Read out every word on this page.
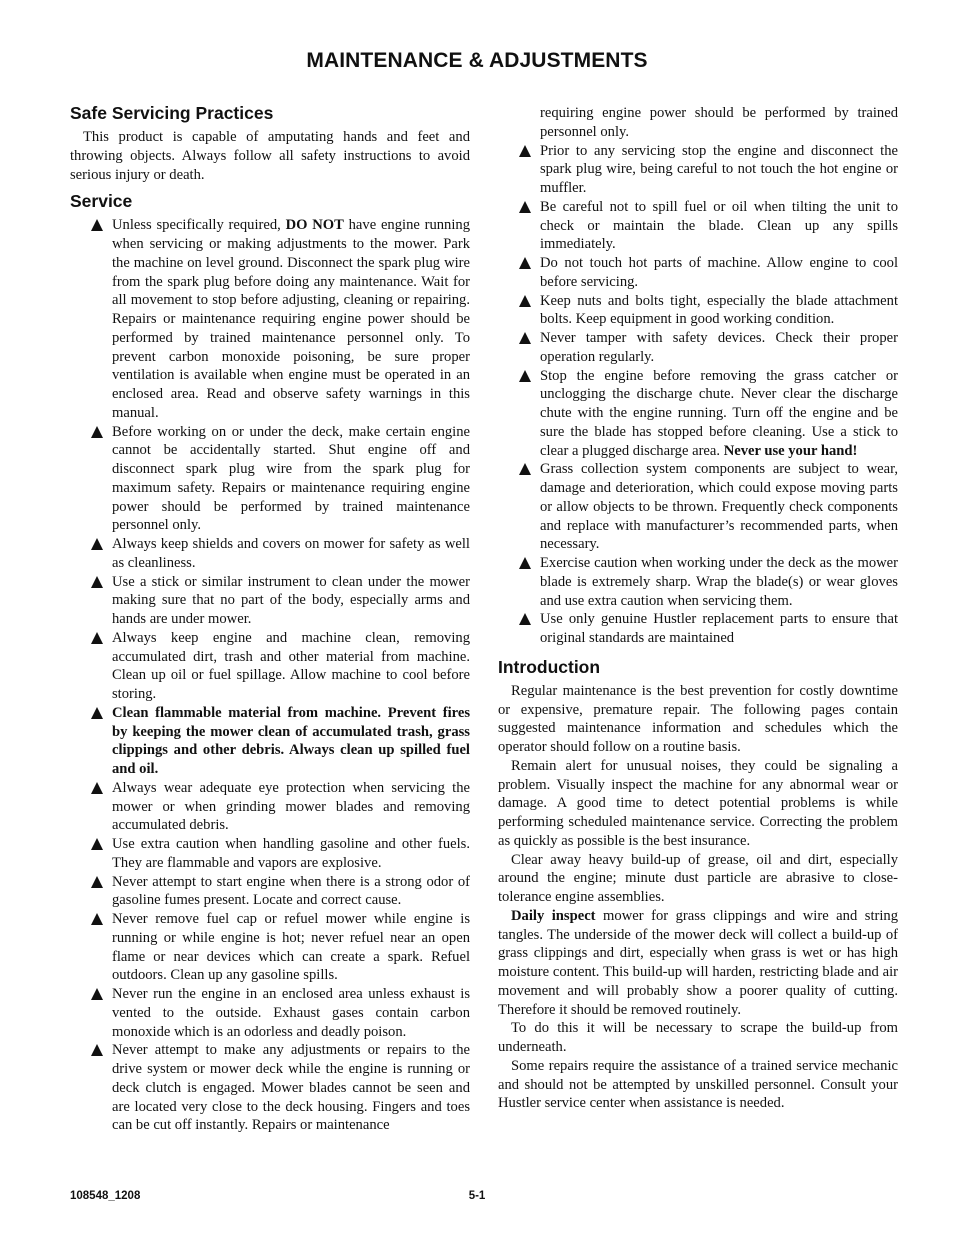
MAINTENANCE & ADJUSTMENTS
Safe Servicing Practices

This product is capable of amputating hands and feet and throwing objects. Always follow all safety instructions to avoid serious injury or death.

Service
Unless specifically required, DO NOT have engine running when servicing or making adjustments to the mower. Park the machine on level ground. Disconnect the spark plug wire from the spark plug before doing any maintenance. Wait for all movement to stop before adjusting, cleaning or repairing. Repairs or maintenance requiring engine power should be performed by trained maintenance personnel only. To prevent carbon monoxide poisoning, be sure proper ventilation is available when engine must be operated in an enclosed area. Read and observe safety warnings in this manual.
Before working on or under the deck, make certain engine cannot be accidentally started. Shut engine off and disconnect spark plug wire from the spark plug for maximum safety. Repairs or maintenance requiring engine power should be performed by trained maintenance personnel only.
Always keep shields and covers on mower for safety as well as cleanliness.
Use a stick or similar instrument to clean under the mower making sure that no part of the body, especially arms and hands are under mower.
Always keep engine and machine clean, removing accumulated dirt, trash and other material from machine. Clean up oil or fuel spillage. Allow machine to cool before storing.
Clean flammable material from machine. Prevent fires by keeping the mower clean of accumulated trash, grass clippings and other debris. Always clean up spilled fuel and oil.
Always wear adequate eye protection when servicing the mower or when grinding mower blades and removing accumulated debris.
Use extra caution when handling gasoline and other fuels. They are flammable and vapors are explosive.
Never attempt to start engine when there is a strong odor of gasoline fumes present. Locate and correct cause.
Never remove fuel cap or refuel mower while engine is running or while engine is hot; never refuel near an open flame or near devices which can create a spark. Refuel outdoors. Clean up any gasoline spills.
Never run the engine in an enclosed area unless exhaust is vented to the outside. Exhaust gases contain carbon monoxide which is an odorless and deadly poison.
Never attempt to make any adjustments or repairs to the drive system or mower deck while the engine is running or deck clutch is engaged. Mower blades cannot be seen and are located very close to the deck housing. Fingers and toes can be cut off instantly. Repairs or maintenance
requiring engine power should be performed by trained personnel only.
Prior to any servicing stop the engine and disconnect the spark plug wire, being careful to not touch the hot engine or muffler.
Be careful not to spill fuel or oil when tilting the unit to check or maintain the blade. Clean up any spills immediately.
Do not touch hot parts of machine. Allow engine to cool before servicing.
Keep nuts and bolts tight, especially the blade attachment bolts. Keep equipment in good working condition.
Never tamper with safety devices. Check their proper operation regularly.
Stop the engine before removing the grass catcher or unclogging the discharge chute. Never clear the discharge chute with the engine running. Turn off the engine and be sure the blade has stopped before cleaning. Use a stick to clear a plugged discharge area. Never use your hand!
Grass collection system components are subject to wear, damage and deterioration, which could expose moving parts or allow objects to be thrown. Frequently check components and replace with manufacturer’s recommended parts, when necessary.
Exercise caution when working under the deck as the mower blade is extremely sharp. Wrap the blade(s) or wear gloves and use extra caution when servicing them.
Use only genuine Hustler replacement parts to ensure that original standards are maintained
Introduction

Regular maintenance is the best prevention for costly downtime or expensive, premature repair. The following pages contain suggested maintenance information and schedules which the operator should follow on a routine basis.

Remain alert for unusual noises, they could be signaling a problem. Visually inspect the machine for any abnormal wear or damage. A good time to detect potential problems is while performing scheduled maintenance service. Correcting the problem as quickly as possible is the best insurance.

Clear away heavy build-up of grease, oil and dirt, especially around the engine; minute dust particle are abrasive to close-tolerance engine assemblies.

Daily inspect mower for grass clippings and wire and string tangles. The underside of the mower deck will collect a build-up of grass clippings and dirt, especially when grass is wet or has high moisture content. This build-up will harden, restricting blade and air movement and will probably show a poorer quality of cutting. Therefore it should be removed routinely.

To do this it will be necessary to scrape the build-up from underneath.

Some repairs require the assistance of a trained service mechanic and should not be attempted by unskilled personnel. Consult your Hustler service center when assistance is needed.

108548_1208	5-1
